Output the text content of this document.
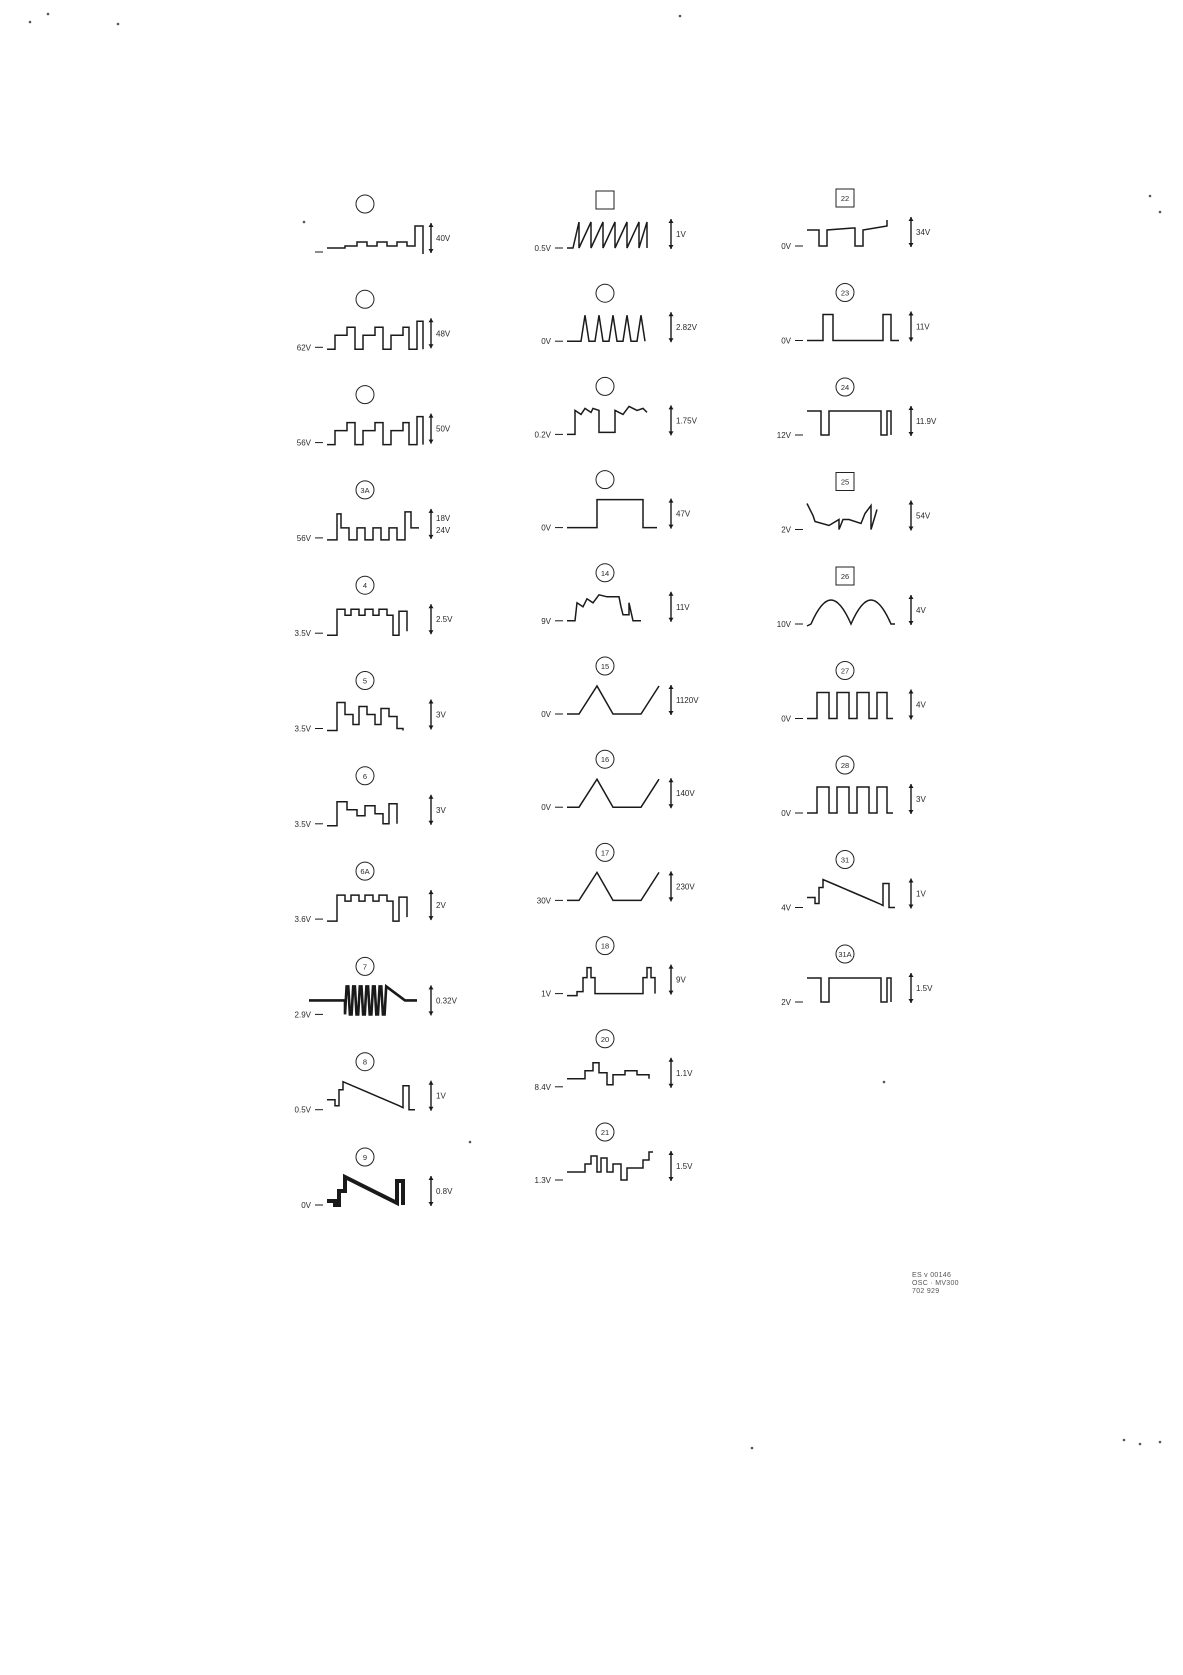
40V
62V
48V
56V
50V
3A
56V
18V
24V
4
3.5V
2.5V
5
3.5V
3V
6
3.5V
3V
6A
3.6V
2V
7
2.9V
0.32V
8
0.5V
1V
9
0V
0.8V
0.5V
1V
0V
2.82V
0.2V
1.75V
0V
47V
14
9V
11V
15
0V
1120V
16
0V
140V
17
30V
230V
18
1V
9V
20
8.4V
1.1V
21
1.3V
1.5V
22
0V
34V
23
0V
11V
24
12V
11.9V
25
2V
54V
26
10V
4V
27
0V
4V
28
0V
3V
31
4V
1V
31A
2V
1.5V
ES v 00146
OSC · MV300
702 929
